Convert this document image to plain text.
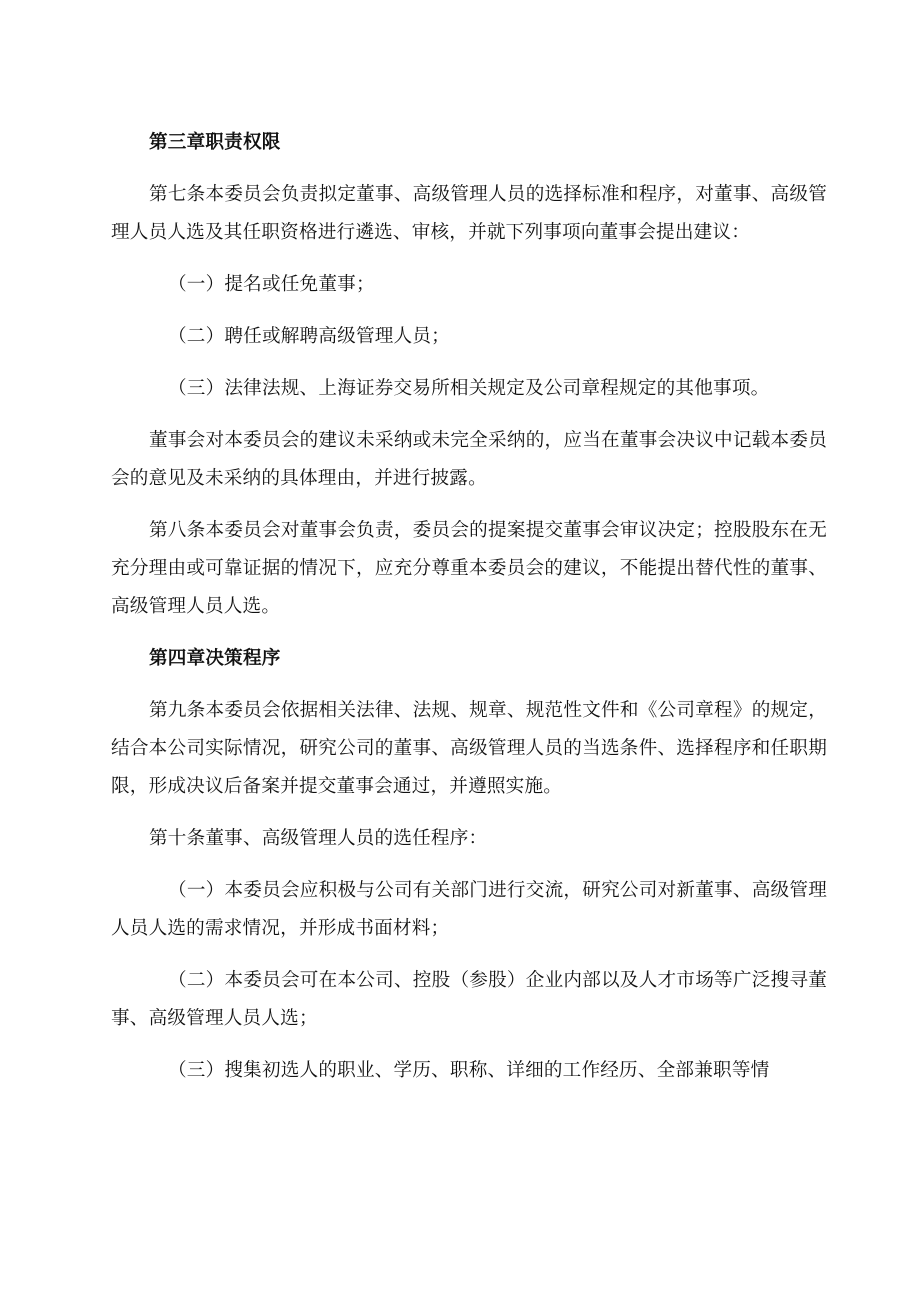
第三章职责权限

第七条本委员会负责拟定董事、高级管理人员的选择标准和程序，对董事、高级管理人员人选及其任职资格进行遴选、审核，并就下列事项向董事会提出建议：

（一）提名或任免董事；

（二）聘任或解聘高级管理人员；

（三）法律法规、上海证券交易所相关规定及公司章程规定的其他事项。

董事会对本委员会的建议未采纳或未完全采纳的，应当在董事会决议中记载本委员会的意见及未采纳的具体理由，并进行披露。

第八条本委员会对董事会负责，委员会的提案提交董事会审议决定；控股股东在无充分理由或可靠证据的情况下，应充分尊重本委员会的建议，不能提出替代性的董事、高级管理人员人选。

第四章决策程序

第九条本委员会依据相关法律、法规、规章、规范性文件和《公司章程》的规定，结合本公司实际情况，研究公司的董事、高级管理人员的当选条件、选择程序和任职期限，形成决议后备案并提交董事会通过，并遵照实施。

第十条董事、高级管理人员的选任程序：

（一）本委员会应积极与公司有关部门进行交流，研究公司对新董事、高级管理人员人选的需求情况，并形成书面材料；

（二）本委员会可在本公司、控股（参股）企业内部以及人才市场等广泛搜寻董事、高级管理人员人选；

（三）搜集初选人的职业、学历、职称、详细的工作经历、全部兼职等情
